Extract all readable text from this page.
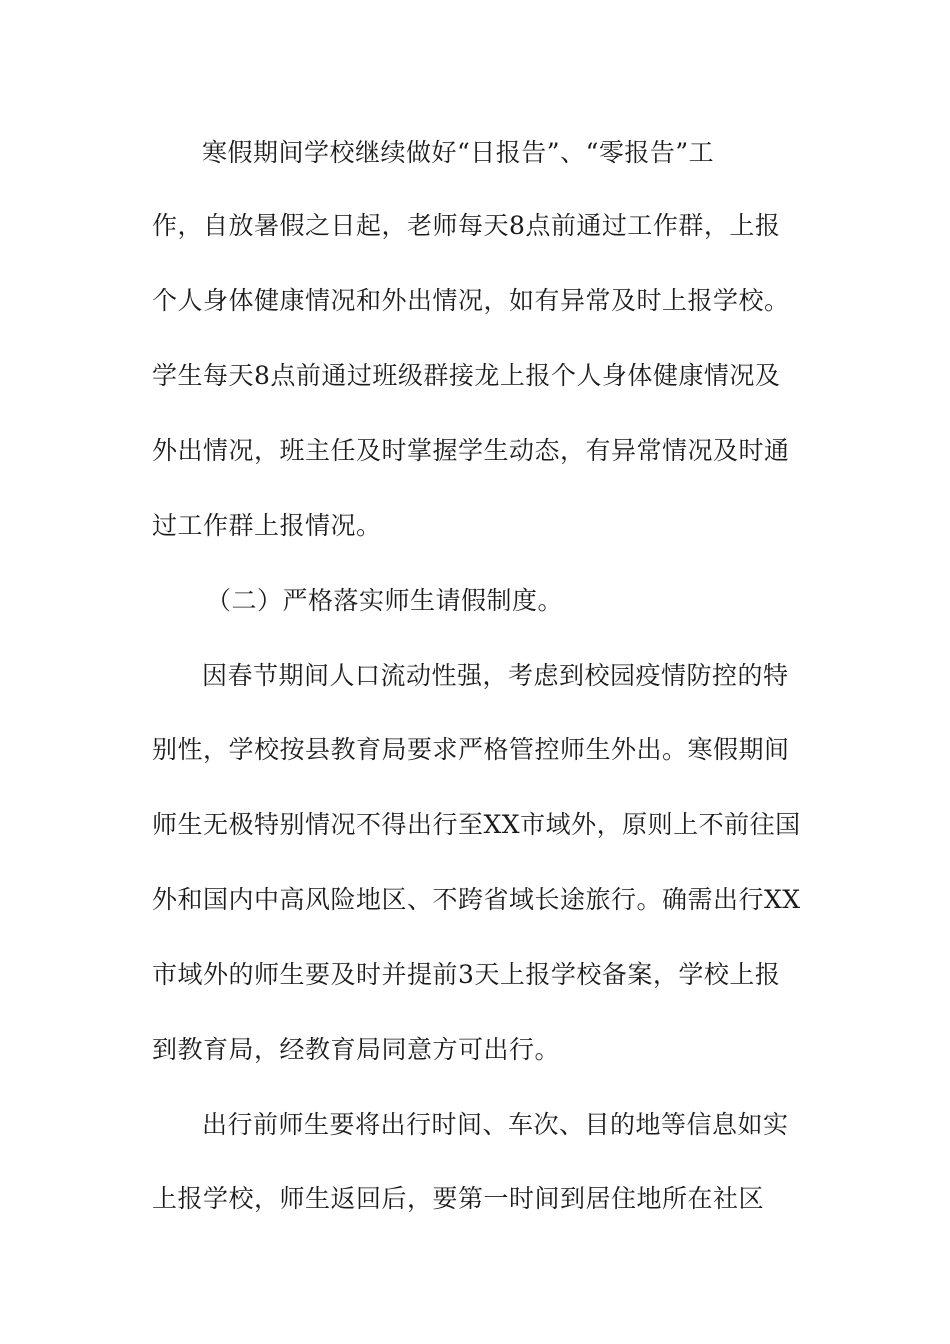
寒假期间学校继续做好“日报告”、“零报告”工
作，自放暑假之日起，老师每天8点前通过工作群，上报
个人身体健康情况和外出情况，如有异常及时上报学校。
学生每天8点前通过班级群接龙上报个人身体健康情况及
外出情况，班主任及时掌握学生动态，有异常情况及时通
过工作群上报情况。
（二）严格落实师生请假制度。
因春节期间人口流动性强，考虑到校园疫情防控的特
别性，学校按县教育局要求严格管控师生外出。寒假期间
师生无极特别情况不得出行至XX市域外，原则上不前往国
外和国内中高风险地区、不跨省域长途旅行。确需出行XX
市域外的师生要及时并提前3天上报学校备案，学校上报
到教育局，经教育局同意方可出行。
出行前师生要将出行时间、车次、目的地等信息如实
上报学校，师生返回后，要第一时间到居住地所在社区
